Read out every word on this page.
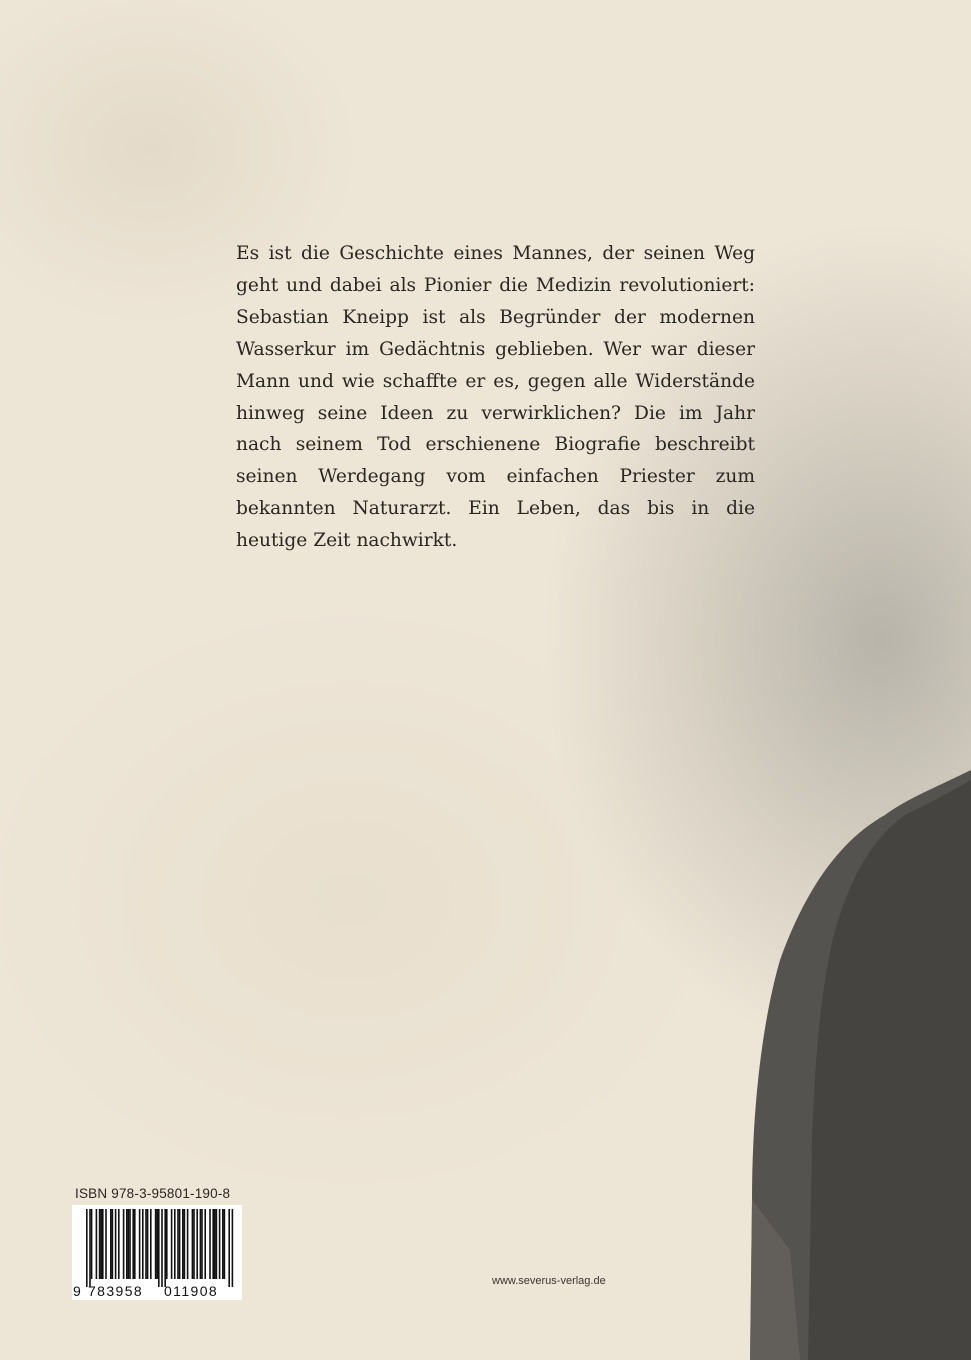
Es ist die Geschichte eines Mannes, der seinen Weg geht und dabei als Pionier die Medizin revolutioniert: Sebastian Kneipp ist als Begründer der modernen Wasserkur im Gedächtnis geblieben. Wer war dieser Mann und wie schaffte er es, gegen alle Widerstände hinweg seine Ideen zu verwirklichen? Die im Jahr nach seinem Tod erschienene Biografie beschreibt seinen Werdegang vom einfachen Priester zum bekannten Naturarzt. Ein Leben, das bis in die heutige Zeit nachwirkt.

ISBN 978-3-95801-190-8
9 783958 011908
www.severus-verlag.de
